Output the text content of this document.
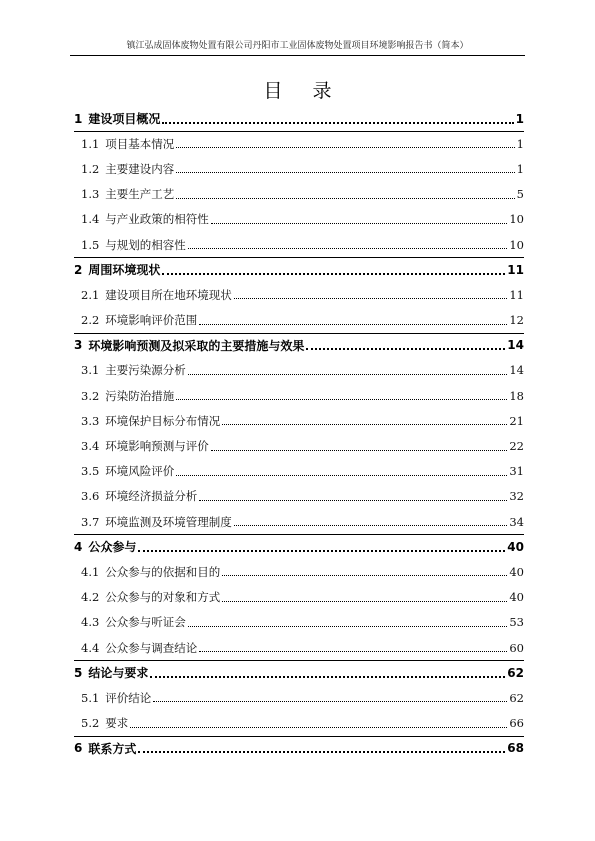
镇江弘成固体废物处置有限公司丹阳市工业固体废物处置项目环境影响报告书（简本）
目 录
1 建设项目概况	1
1.1 项目基本情况	1
1.2 主要建设内容	1
1.3 主要生产工艺	5
1.4 与产业政策的相符性	10
1.5 与规划的相容性	10
2 周围环境现状	11
2.1 建设项目所在地环境现状	11
2.2 环境影响评价范围	12
3 环境影响预测及拟采取的主要措施与效果	14
3.1 主要污染源分析	14
3.2 污染防治措施	18
3.3 环境保护目标分布情况	21
3.4 环境影响预测与评价	22
3.5 环境风险评价	31
3.6 环境经济损益分析	32
3.7 环境监测及环境管理制度	34
4 公众参与	40
4.1 公众参与的依据和目的	40
4.2 公众参与的对象和方式	40
4.3 公众参与听证会	53
4.4 公众参与调查结论	60
5 结论与要求	62
5.1 评价结论	62
5.2 要求	66
6 联系方式	68
